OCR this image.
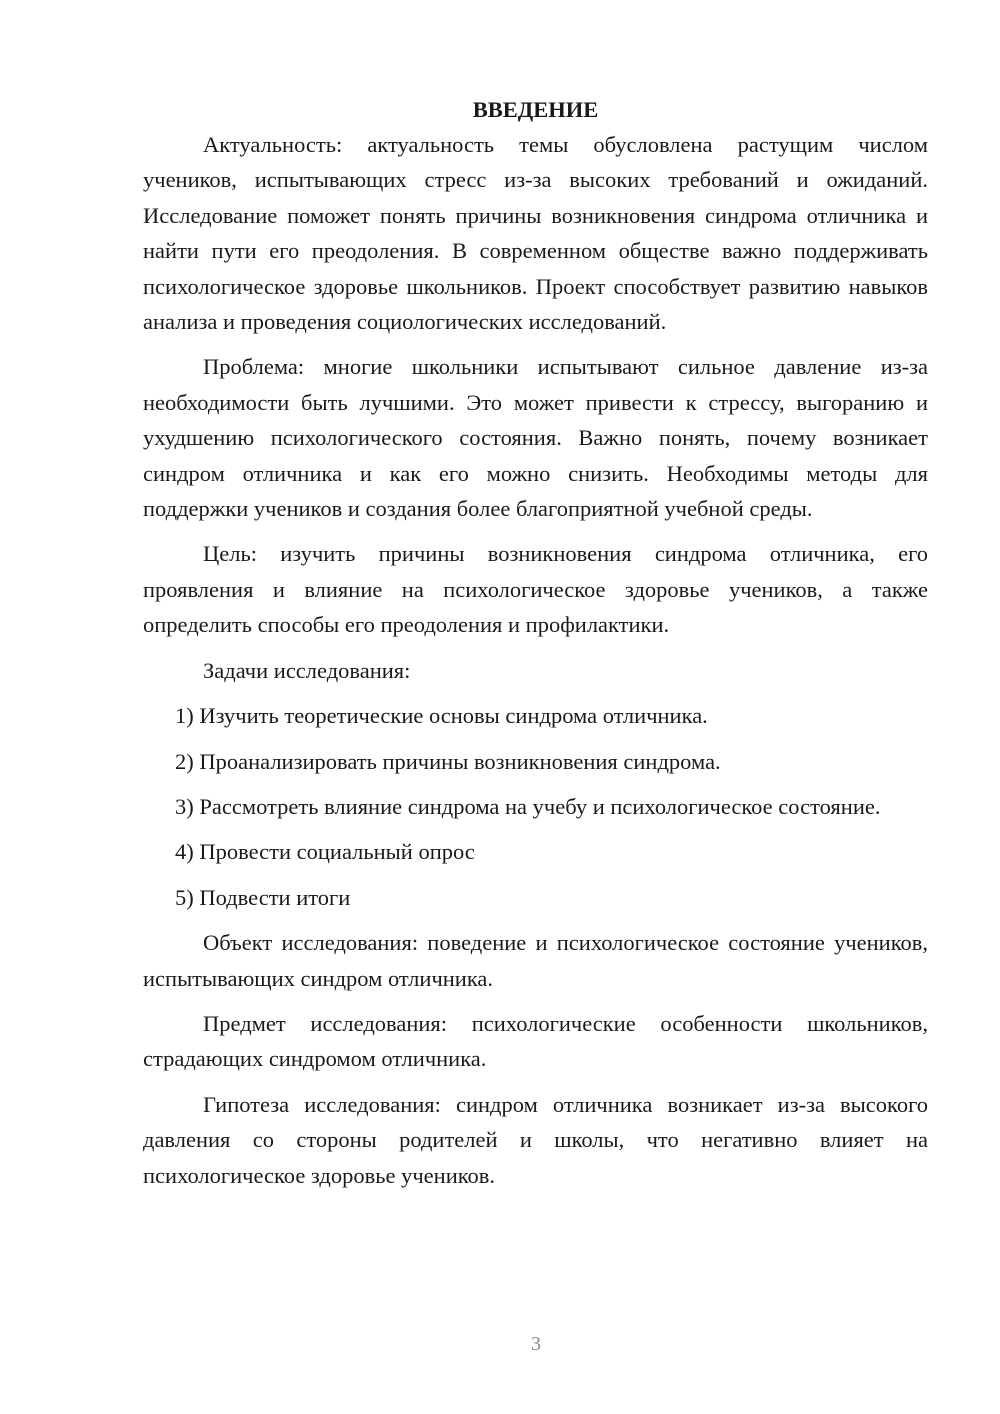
ВВЕДЕНИЕ

Актуальность: актуальность темы обусловлена растущим числом учеников, испытывающих стресс из-за высоких требований и ожиданий. Исследование поможет понять причины возникновения синдрома отличника и найти пути его преодоления. В современном обществе важно поддерживать психологическое здоровье школьников. Проект способствует развитию навыков анализа и проведения социологических исследований.

Проблема: многие школьники испытывают сильное давление из-за необходимости быть лучшими. Это может привести к стрессу, выгоранию и ухудшению психологического состояния. Важно понять, почему возникает синдром отличника и как его можно снизить. Необходимы методы для поддержки учеников и создания более благоприятной учебной среды.

Цель: изучить причины возникновения синдрома отличника, его проявления и влияние на психологическое здоровье учеников, а также определить способы его преодоления и профилактики.

Задачи исследования:

1) Изучить теоретические основы синдрома отличника.

2) Проанализировать причины возникновения синдрома.

3) Рассмотреть влияние синдрома на учебу и психологическое состояние.

4) Провести социальный опрос

5) Подвести итоги

Объект исследования: поведение и психологическое состояние учеников, испытывающих синдром отличника.

Предмет исследования: психологические особенности школьников, страдающих синдромом отличника.

Гипотеза исследования: синдром отличника возникает из-за высокого давления со стороны родителей и школы, что негативно влияет на психологическое здоровье учеников.

3
